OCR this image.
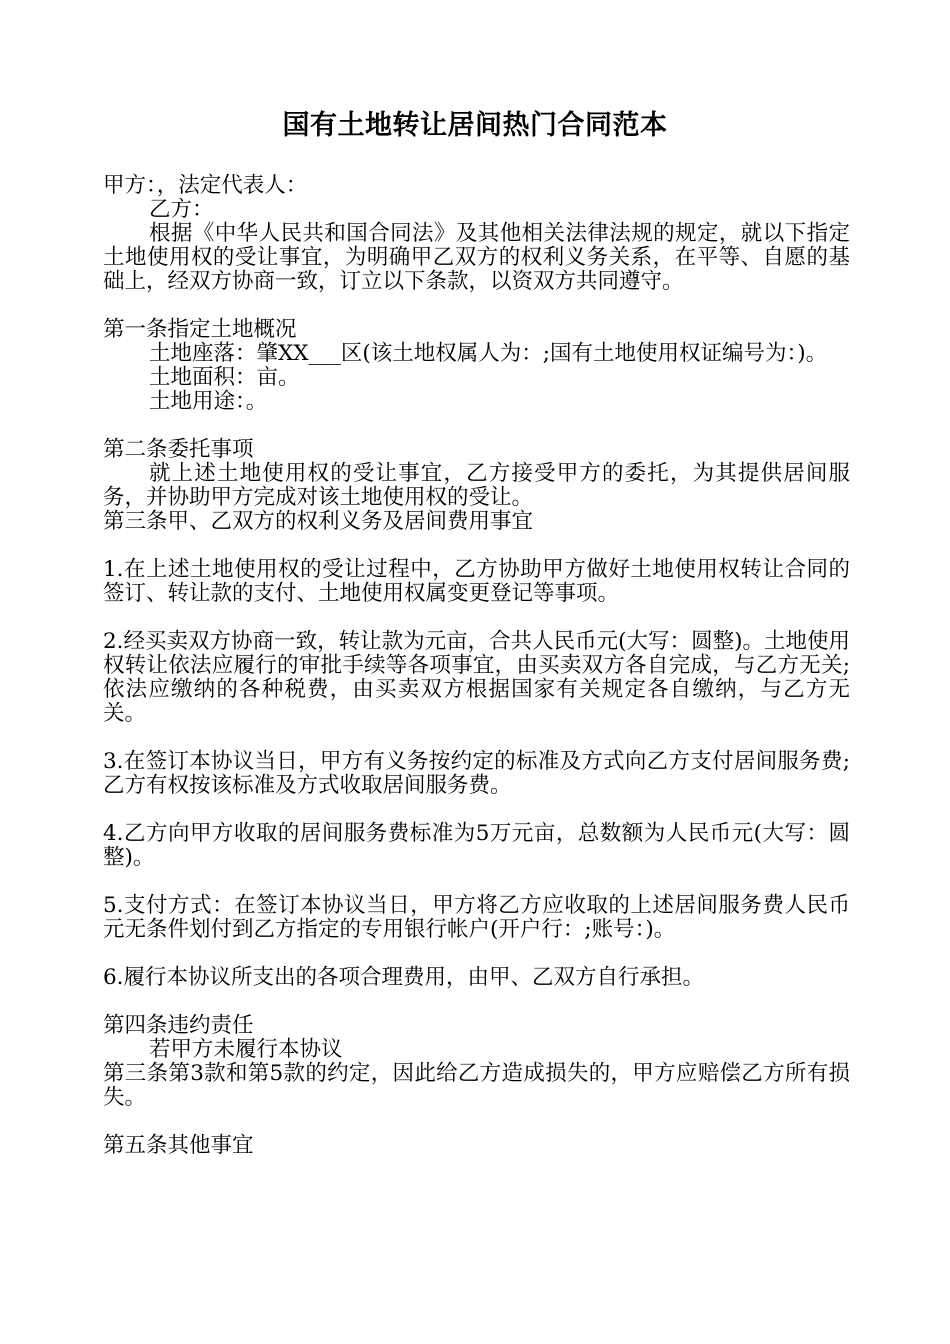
国有土地转让居间热门合同范本

甲方：，法定代表人：

乙方：

根据《中华人民共和国合同法》及其他相关法律法规的规定，就以下指定土地使用权的受让事宜，为明确甲乙双方的权利义务关系，在平等、自愿的基础上，经双方协商一致，订立以下条款，以资双方共同遵守。

第一条指定土地概况

土地座落：肇XX___区(该土地权属人为：;国有土地使用权证编号为：)。

土地面积：亩。

土地用途：。

第二条委托事项

就上述土地使用权的受让事宜，乙方接受甲方的委托，为其提供居间服务，并协助甲方完成对该土地使用权的受让。

第三条甲、乙双方的权利义务及居间费用事宜

1.在上述土地使用权的受让过程中，乙方协助甲方做好土地使用权转让合同的签订、转让款的支付、土地使用权属变更登记等事项。

2.经买卖双方协商一致，转让款为元亩，合共人民币元(大写：圆整)。土地使用权转让依法应履行的审批手续等各项事宜，由买卖双方各自完成，与乙方无关;依法应缴纳的各种税费，由买卖双方根据国家有关规定各自缴纳，与乙方无关。

3.在签订本协议当日，甲方有义务按约定的标准及方式向乙方支付居间服务费;乙方有权按该标准及方式收取居间服务费。

4.乙方向甲方收取的居间服务费标准为5万元亩，总数额为人民币元(大写：圆整)。

5.支付方式：在签订本协议当日，甲方将乙方应收取的上述居间服务费人民币元无条件划付到乙方指定的专用银行帐户(开户行：;账号：)。

6.履行本协议所支出的各项合理费用，由甲、乙双方自行承担。

第四条违约责任

若甲方未履行本协议

第三条第3款和第5款的约定，因此给乙方造成损失的，甲方应赔偿乙方所有损失。

第五条其他事宜
